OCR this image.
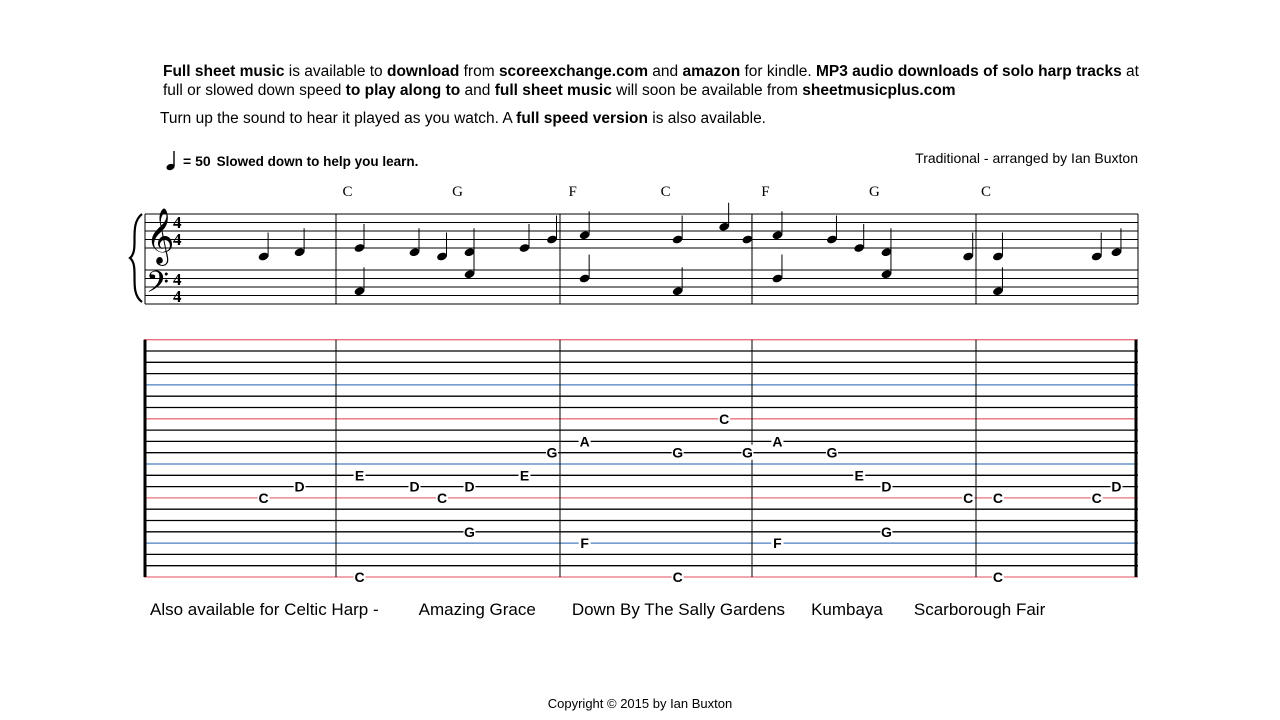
Full sheet music is available to download from scoreexchange.com and amazon for kindle. MP3 audio downloads of solo harp tracks at full or slowed down speed to play along to and full sheet music will soon be available from sheetmusicplus.com
Turn up the sound to hear it played as you watch. A full speed version is also available.
= 50 Slowed down to help you learn.	Traditional - arranged by Ian Buxton
𝄞
𝄢
4
4
4
4
C	G	F	C	F	G	C
C
D
E
D
C
D
E
G
C
G
A
G
C
G
F
C
A
G
E
D
C
F
G
C	C
D
C
Also available for Celtic Harp - Amazing Grace Down By The Sally Gardens Kumbaya Scarborough Fair
Copyright © 2015 by Ian Buxton
